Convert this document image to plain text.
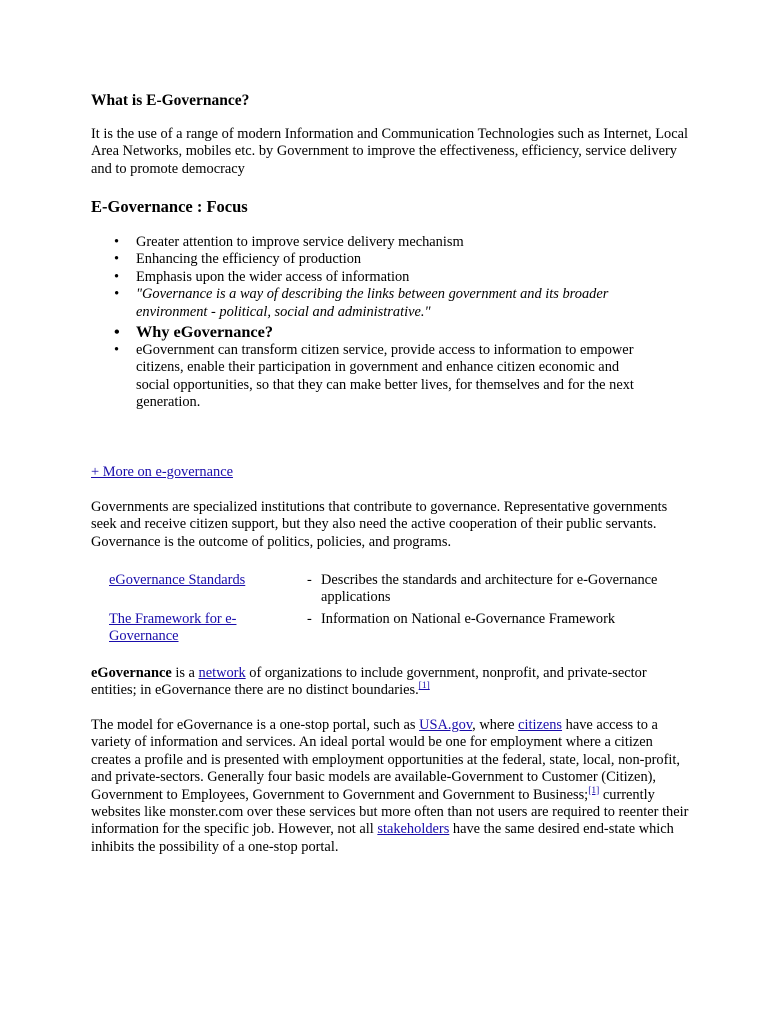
What is E-Governance?

It is the use of a range of modern Information and Communication Technologies such as Internet, Local Area Networks, mobiles etc. by Government to improve the effectiveness, efficiency, service delivery and to promote democracy

E-Governance : Focus
• Greater attention to improve service delivery mechanism
• Enhancing the efficiency of production
• Emphasis upon the wider access of information
• "Governance is a way of describing the links between government and its broader environment - political, social and administrative."
• Why eGovernance?
• eGovernment can transform citizen service, provide access to information to empower citizens, enable their participation in government and enhance citizen economic and social opportunities, so that they can make better lives, for themselves and for the next generation.
+ More on e-governance

Governments are specialized institutions that contribute to governance. Representative governments seek and receive citizen support, but they also need the active cooperation of their public servants. Governance is the outcome of politics, policies, and programs.

eGovernance Standards	-	Describes the standards and architecture for e-Governance applications
The Framework for e-Governance	-	Information on National e-Governance Framework

eGovernance is a network of organizations to include government, nonprofit, and private-sector entities; in eGovernance there are no distinct boundaries.[1]

The model for eGovernance is a one-stop portal, such as USA.gov, where citizens have access to a variety of information and services. An ideal portal would be one for employment where a citizen creates a profile and is presented with employment opportunities at the federal, state, local, non-profit, and private-sectors. Generally four basic models are available-Government to Customer (Citizen), Government to Employees, Government to Government and Government to Business;[1] currently websites like monster.com over these services but more often than not users are required to reenter their information for the specific job. However, not all stakeholders have the same desired end-state which inhibits the possibility of a one-stop portal.
